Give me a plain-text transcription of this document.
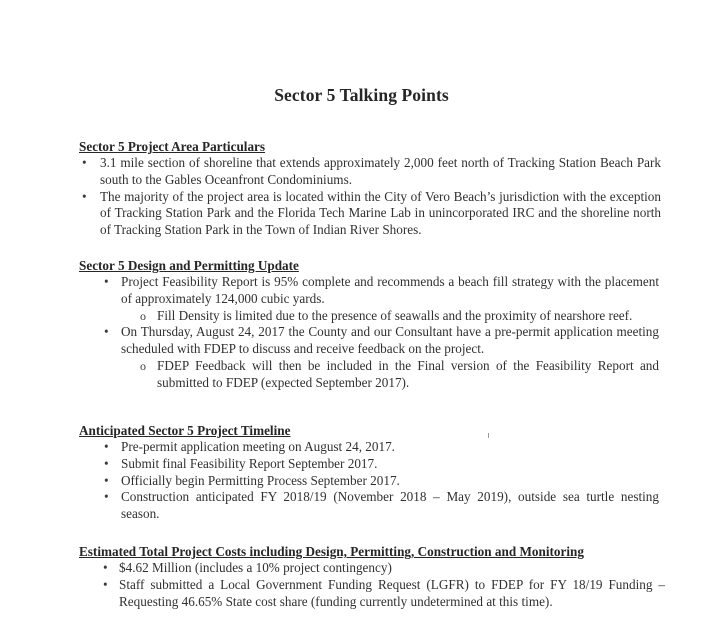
Sector 5 Talking Points
Sector 5 Project Area Particulars
• 3.1 mile section of shoreline that extends approximately 2,000 feet north of Tracking Station Beach Park south to the Gables Oceanfront Condominiums.
• The majority of the project area is located within the City of Vero Beach’s jurisdiction with the exception of Tracking Station Park and the Florida Tech Marine Lab in unincorporated IRC and the shoreline north of Tracking Station Park in the Town of Indian River Shores.
Sector 5 Design and Permitting Update
• Project Feasibility Report is 95% complete and recommends a beach fill strategy with the placement of approximately 124,000 cubic yards.
o Fill Density is limited due to the presence of seawalls and the proximity of nearshore reef.
• On Thursday, August 24, 2017 the County and our Consultant have a pre-permit application meeting scheduled with FDEP to discuss and receive feedback on the project.
o FDEP Feedback will then be included in the Final version of the Feasibility Report and submitted to FDEP (expected September 2017).
Anticipated Sector 5 Project Timeline
• Pre-permit application meeting on August 24, 2017.
• Submit final Feasibility Report September 2017.
• Officially begin Permitting Process September 2017.
• Construction anticipated FY 2018/19 (November 2018 – May 2019), outside sea turtle nesting season.
Estimated Total Project Costs including Design, Permitting, Construction and Monitoring
• $4.62 Million (includes a 10% project contingency)
• Staff submitted a Local Government Funding Request (LGFR) to FDEP for FY 18/19 Funding – Requesting 46.65% State cost share (funding currently undetermined at this time).
